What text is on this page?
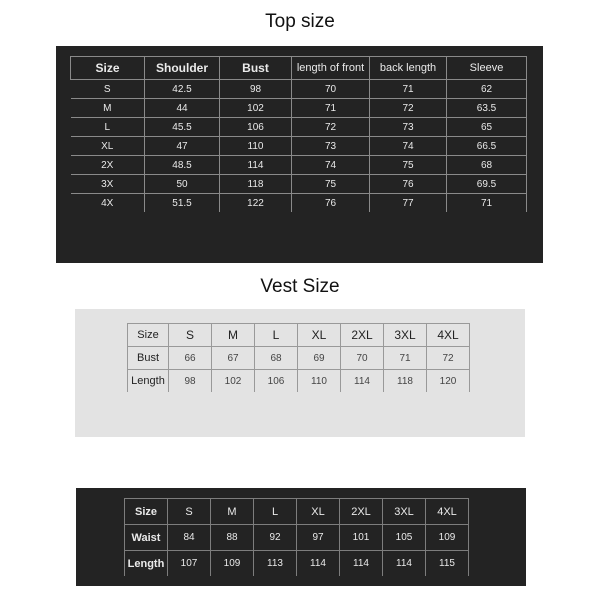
Top size
Size	Shoulder	Bust	length of front	back length	Sleeve
S	42.5	98	70	71	62
M	44	102	71	72	63.5
L	45.5	106	72	73	65
XL	47	110	73	74	66.5
2X	48.5	114	74	75	68
3X	50	118	75	76	69.5
4X	51.5	122	76	77	71
Vest Size
Size	S	M	L	XL	2XL	3XL	4XL
Bust	66	67	68	69	70	71	72
Length	98	102	106	110	114	118	120
Size	S	M	L	XL	2XL	3XL	4XL
Waist	84	88	92	97	101	105	109
Length	107	109	113	114	114	114	115
